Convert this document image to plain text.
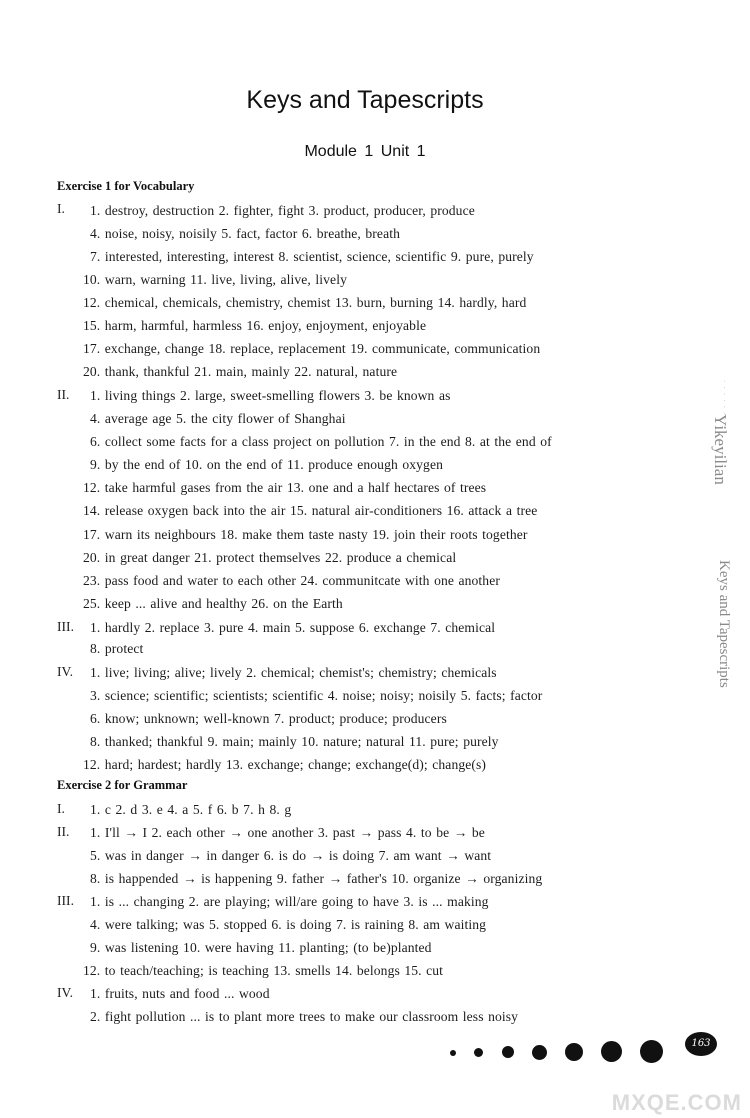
Keys and Tapescripts
Module 1 Unit 1
Exercise 1 for Vocabulary
I. 1. destroy, destruction 2. fighter, fight 3. product, producer, produce
4. noise, noisy, noisily 5. fact, factor 6. breathe, breath
7. interested, interesting, interest 8. scientist, science, scientific 9. pure, purely
10. warn, warning 11. live, living, alive, lively
12. chemical, chemicals, chemistry, chemist 13. burn, burning 14. hardly, hard
15. harm, harmful, harmless 16. enjoy, enjoyment, enjoyable
17. exchange, change 18. replace, replacement 19. communicate, communication
20. thank, thankful 21. main, mainly 22. natural, nature
II. 1. living things 2. large, sweet-smelling flowers 3. be known as
4. average age 5. the city flower of Shanghai
6. collect some facts for a class project on pollution 7. in the end 8. at the end of
9. by the end of 10. on the end of 11. produce enough oxygen
12. take harmful gases from the air 13. one and a half hectares of trees
14. release oxygen back into the air 15. natural air-conditioners 16. attack a tree
17. warn its neighbours 18. make them taste nasty 19. join their roots together
20. in great danger 21. protect themselves 22. produce a chemical
23. pass food and water to each other 24. communitcate with one another
25. keep ... alive and healthy 26. on the Earth
III. 1. hardly 2. replace 3. pure 4. main 5. suppose 6. exchange 7. chemical
8. protect
IV. 1. live; living; alive; lively 2. chemical; chemist's; chemistry; chemicals
3. science; scientific; scientists; scientific 4. noise; noisy; noisily 5. facts; factor
6. know; unknown; well-known 7. product; produce; producers
8. thanked; thankful 9. main; mainly 10. nature; natural 11. pure; purely
12. hard; hardest; hardly 13. exchange; change; exchange(d); change(s)
Exercise 2 for Grammar
I. 1. c 2. d 3. e 4. a 5. f 6. b 7. h 8. g
II. 1. I'll → I 2. each other → one another 3. past → pass 4. to be → be
5. was in danger → in danger 6. is do → is doing 7. am want → want
8. is happended → is happening 9. father → father's 10. organize → organizing
III. 1. is ... changing 2. are playing; will/are going to have 3. is ... making
4. were talking; was 5. stopped 6. is doing 7. is raining 8. am waiting
9. was listening 10. were having 11. planting; (to be)planted
12. to teach/teaching; is teaching 13. smells 14. belongs 15. cut
IV. 1. fruits, nuts and food ... wood
2. fight pollution ... is to plant more trees to make our classroom less noisy
· · · · · · · ·
Yikeyilian
Keys and Tapescripts
163
MXQE.COM
